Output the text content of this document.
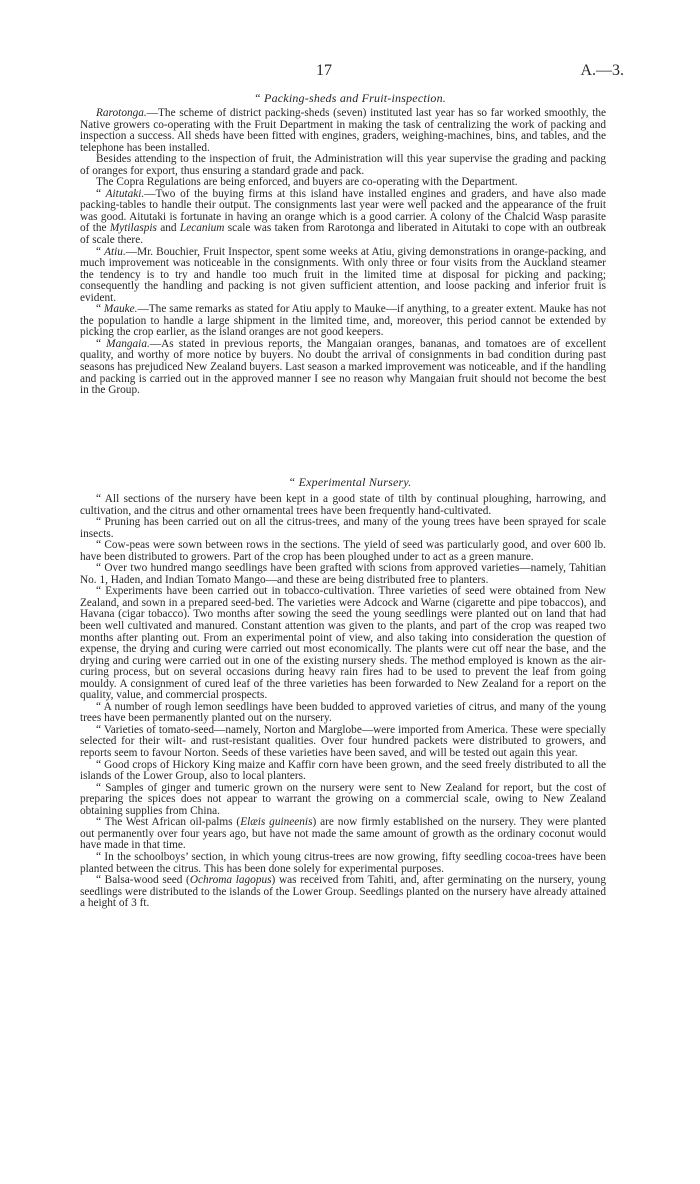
17	A.—3.
“ Packing-sheds and Fruit-inspection.

Rarotonga.—The scheme of district packing-sheds (seven) instituted last year has so far worked smoothly, the Native growers co-operating with the Fruit Department in making the task of centralizing the work of packing and inspection a success. All sheds have been fitted with engines, graders, weighing-machines, bins, and tables, and the telephone has been installed.

Besides attending to the inspection of fruit, the Administration will this year supervise the grading and packing of oranges for export, thus ensuring a standard grade and pack.

The Copra Regulations are being enforced, and buyers are co-operating with the Department.

“ Aitutaki.—Two of the buying firms at this island have installed engines and graders, and have also made packing-tables to handle their output. The consignments last year were well packed and the appearance of the fruit was good. Aitutaki is fortunate in having an orange which is a good carrier. A colony of the Chalcid Wasp parasite of the Mytilaspis and Lecanium scale was taken from Rarotonga and liberated in Aitutaki to cope with an outbreak of scale there.

“ Atiu.—Mr. Bouchier, Fruit Inspector, spent some weeks at Atiu, giving demonstrations in orange-packing, and much improvement was noticeable in the consignments. With only three or four visits from the Auckland steamer the tendency is to try and handle too much fruit in the limited time at disposal for picking and packing; consequently the handling and packing is not given sufficient attention, and loose packing and inferior fruit is evident.

“ Mauke.—The same remarks as stated for Atiu apply to Mauke—if anything, to a greater extent. Mauke has not the population to handle a large shipment in the limited time, and, moreover, this period cannot be extended by picking the crop earlier, as the island oranges are not good keepers.

“ Mangaia.—As stated in previous reports, the Mangaian oranges, bananas, and tomatoes are of excellent quality, and worthy of more notice by buyers. No doubt the arrival of consignments in bad condition during past seasons has prejudiced New Zealand buyers. Last season a marked improvement was noticeable, and if the handling and packing is carried out in the approved manner I see no reason why Mangaian fruit should not become the best in the Group.

“ Experimental Nursery.

“ All sections of the nursery have been kept in a good state of tilth by continual ploughing, harrowing, and cultivation, and the citrus and other ornamental trees have been frequently hand-cultivated.

“ Pruning has been carried out on all the citrus-trees, and many of the young trees have been sprayed for scale insects.

“ Cow-peas were sown between rows in the sections. The yield of seed was particularly good, and over 600 lb. have been distributed to growers. Part of the crop has been ploughed under to act as a green manure.

“ Over two hundred mango seedlings have been grafted with scions from approved varieties—namely, Tahitian No. 1, Haden, and Indian Tomato Mango—and these are being distributed free to planters.

“ Experiments have been carried out in tobacco-cultivation. Three varieties of seed were obtained from New Zealand, and sown in a prepared seed-bed. The varieties were Adcock and Warne (cigarette and pipe tobaccos), and Havana (cigar tobacco). Two months after sowing the seed the young seedlings were planted out on land that had been well cultivated and manured. Constant attention was given to the plants, and part of the crop was reaped two months after planting out. From an experimental point of view, and also taking into consideration the question of expense, the drying and curing were carried out most economically. The plants were cut off near the base, and the drying and curing were carried out in one of the existing nursery sheds. The method employed is known as the air-curing process, but on several occasions during heavy rain fires had to be used to prevent the leaf from going mouldy. A consignment of cured leaf of the three varieties has been forwarded to New Zealand for a report on the quality, value, and commercial prospects.

“ A number of rough lemon seedlings have been budded to approved varieties of citrus, and many of the young trees have been permanently planted out on the nursery.

“ Varieties of tomato-seed—namely, Norton and Marglobe—were imported from America. These were specially selected for their wilt- and rust-resistant qualities. Over four hundred packets were distributed to growers, and reports seem to favour Norton. Seeds of these varieties have been saved, and will be tested out again this year.

“ Good crops of Hickory King maize and Kaffir corn have been grown, and the seed freely distributed to all the islands of the Lower Group, also to local planters.

“ Samples of ginger and tumeric grown on the nursery were sent to New Zealand for report, but the cost of preparing the spices does not appear to warrant the growing on a commercial scale, owing to New Zealand obtaining supplies from China.

“ The West African oil-palms (Elæis guineenis) are now firmly established on the nursery. They were planted out permanently over four years ago, but have not made the same amount of growth as the ordinary coconut would have made in that time.

“ In the schoolboys’ section, in which young citrus-trees are now growing, fifty seedling cocoa-trees have been planted between the citrus. This has been done solely for experimental purposes.

“ Balsa-wood seed (Ochroma lagopus) was received from Tahiti, and, after germinating on the nursery, young seedlings were distributed to the islands of the Lower Group. Seedlings planted on the nursery have already attained a height of 3 ft.
